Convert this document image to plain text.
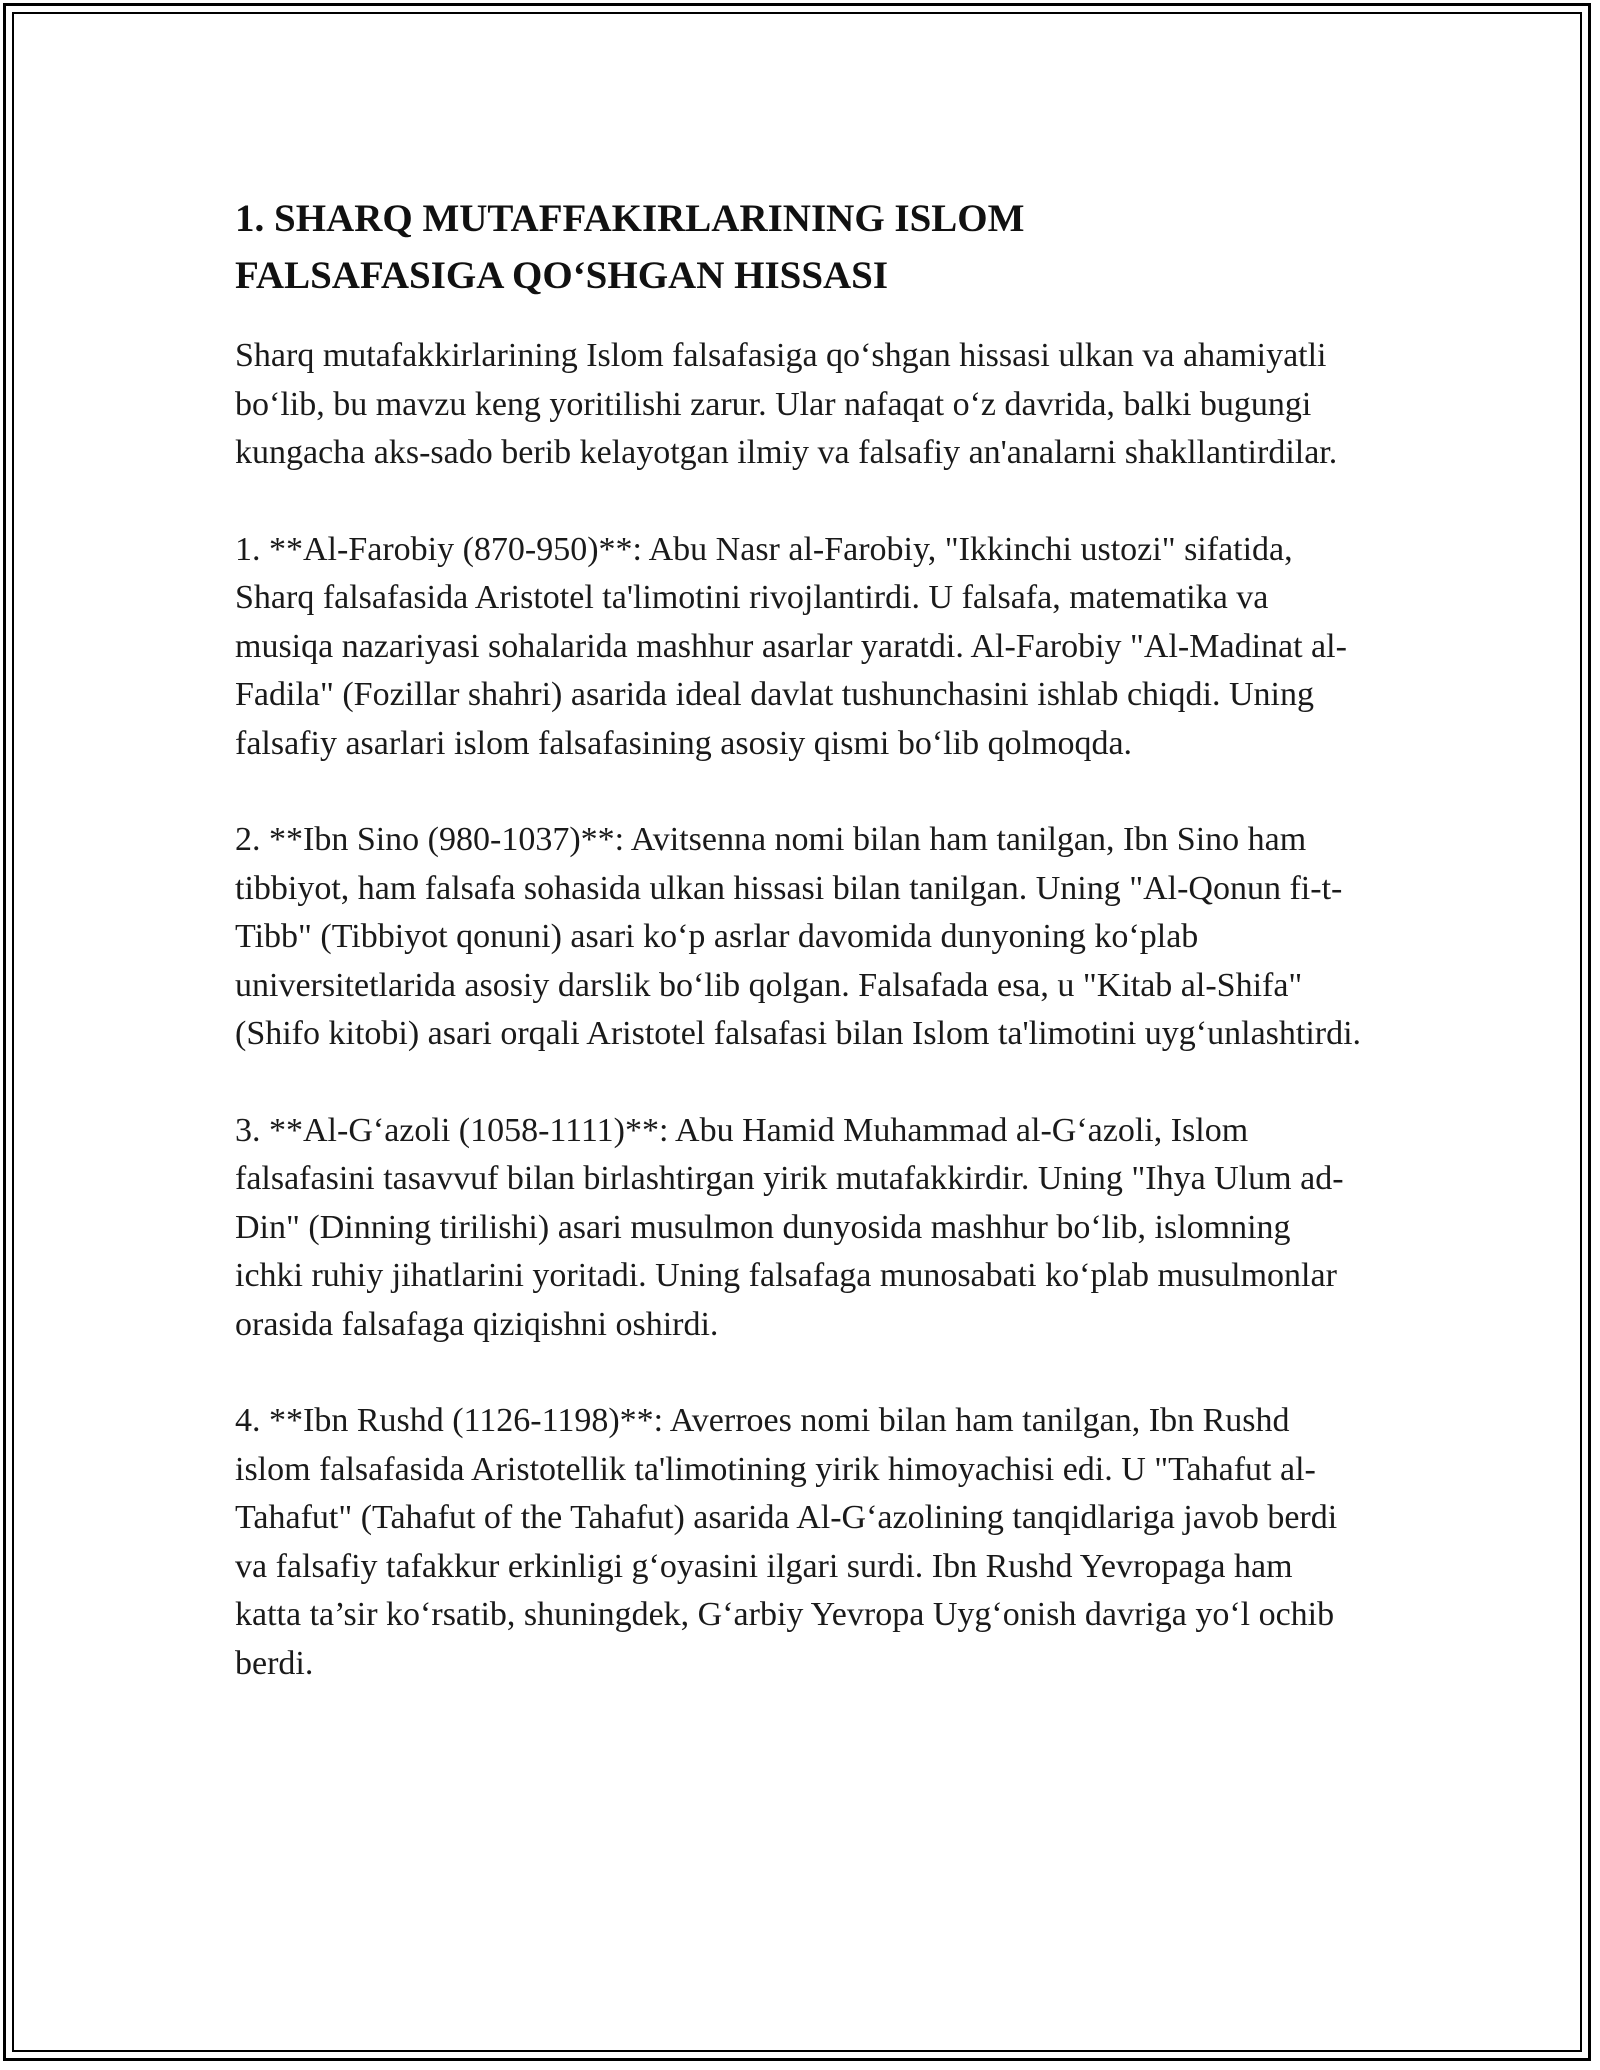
1. SHARQ MUTAFFAKIRLARINING ISLOM
FALSAFASIGA QO‘SHGAN HISSASI

Sharq mutafakkirlarining Islom falsafasiga qo‘shgan hissasi ulkan va ahamiyatli bo‘lib, bu mavzu keng yoritilishi zarur. Ular nafaqat o‘z davrida, balki bugungi kungacha aks-sado berib kelayotgan ilmiy va falsafiy an'analarni shakllantirdilar.

1. **Al-Farobiy (870-950)**: Abu Nasr al-Farobiy, "Ikkinchi ustozi" sifatida, Sharq falsafasida Aristotel ta'limotini rivojlantirdi. U falsafa, matematika va musiqa nazariyasi sohalarida mashhur asarlar yaratdi. Al-Farobiy "Al-Madinat al-Fadila" (Fozillar shahri) asarida ideal davlat tushunchasini ishlab chiqdi. Uning falsafiy asarlari islom falsafasining asosiy qismi bo‘lib qolmoqda.

2. **Ibn Sino (980-1037)**: Avitsenna nomi bilan ham tanilgan, Ibn Sino ham tibbiyot, ham falsafa sohasida ulkan hissasi bilan tanilgan. Uning "Al-Qonun fi-t-Tibb" (Tibbiyot qonuni) asari ko‘p asrlar davomida dunyoning ko‘plab universitetlarida asosiy darslik bo‘lib qolgan. Falsafada esa, u "Kitab al-Shifa" (Shifo kitobi) asari orqali Aristotel falsafasi bilan Islom ta'limotini uyg‘unlashtirdi.

3. **Al-G‘azoli (1058-1111)**: Abu Hamid Muhammad al-G‘azoli, Islom falsafasini tasavvuf bilan birlashtirgan yirik mutafakkirdir. Uning "Ihya Ulum ad-Din" (Dinning tirilishi) asari musulmon dunyosida mashhur bo‘lib, islomning ichki ruhiy jihatlarini yoritadi. Uning falsafaga munosabati ko‘plab musulmonlar orasida falsafaga qiziqishni oshirdi.

4. **Ibn Rushd (1126-1198)**: Averroes nomi bilan ham tanilgan, Ibn Rushd islom falsafasida Aristotellik ta'limotining yirik himoyachisi edi. U "Tahafut al-Tahafut" (Tahafut of the Tahafut) asarida Al-G‘azolining tanqidlariga javob berdi va falsafiy tafakkur erkinligi g‘oyasini ilgari surdi. Ibn Rushd Yevropaga ham katta ta’sir ko‘rsatib, shuningdek, G‘arbiy Yevropa Uyg‘onish davriga yo‘l ochib berdi.
